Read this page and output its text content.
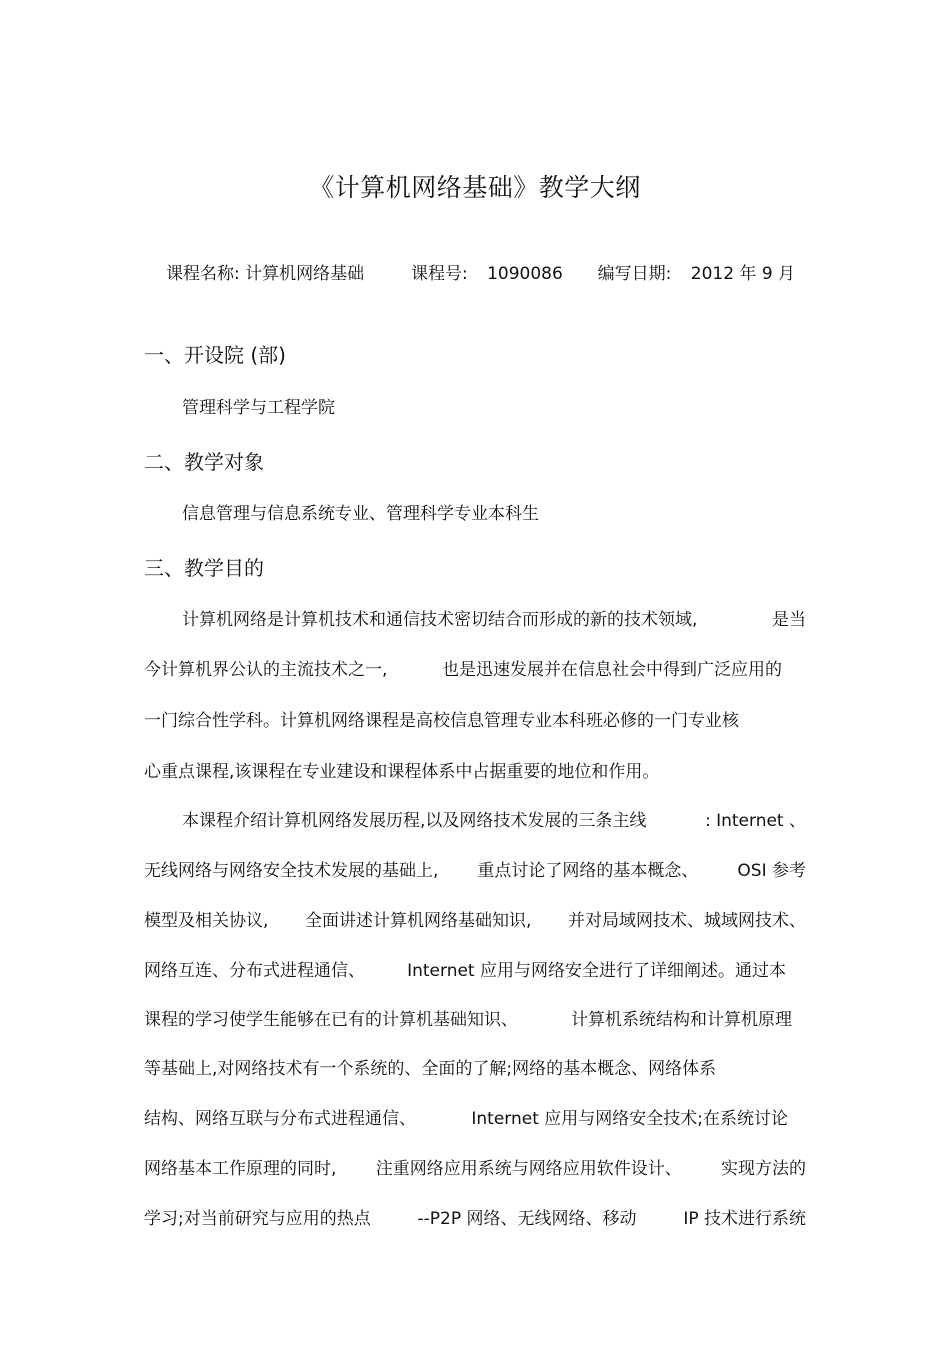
《计算机网络基础》教学大纲
课程名称: 计算机网络基础	课程号: 1090086 编写日期: 2012 年 9 月
一、开设院 (部)
管理科学与工程学院
二、教学对象
信息管理与信息系统专业、管理科学专业本科生
三、教学目的
计算机网络是计算机技术和通信技术密切结合而形成的新的技术领域,	是当
今计算机界公认的主流技术之一,	也是迅速发展并在信息社会中得到广泛应用的
一门综合性学科。计算机网络课程是高校信息管理专业本科班必修的一门专业核
心重点课程,该课程在专业建设和课程体系中占据重要的地位和作用。
本课程介绍计算机网络发展历程,以及网络技术发展的三条主线	: Internet 、
无线网络与网络安全技术发展的基础上, 重点讨论了网络的基本概念、 OSI 参考
模型及相关协议, 全面讲述计算机网络基础知识, 并对局域网技术、城域网技术、
网络互连、分布式进程通信、 Internet 应用与网络安全进行了详细阐述。通过本
课程的学习使学生能够在已有的计算机基础知识、	计算机系统结构和计算机原理
等基础上,对网络技术有一个系统的、全面的了解;网络的基本概念、网络体系
结构、网络互联与分布式进程通信、	Internet 应用与网络安全技术;在系统讨论
网络基本工作原理的同时, 注重网络应用系统与网络应用软件设计、 实现方法的
学习;对当前研究与应用的热点	--P2P 网络、无线网络、移动	IP 技术进行系统
